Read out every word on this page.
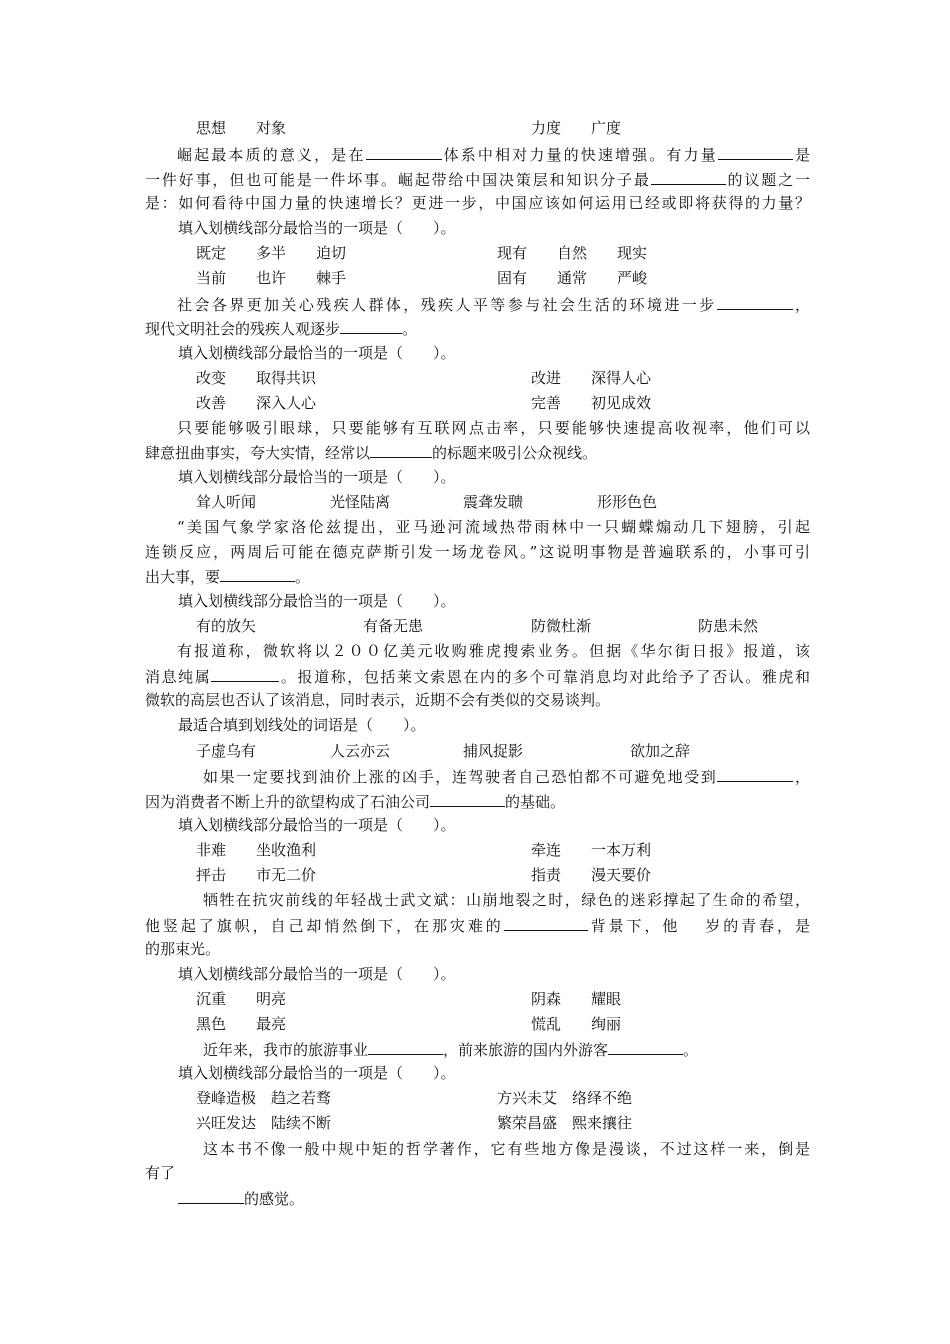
思想　　对象	力度　　广度
崛起最本质的意义，是在	体系中相对力量的快速增强。有力量	是
一件好事，但也可能是一件坏事。崛起带给中国决策层和知识分子最	的议题之一
是：如何看待中国力量的快速增长？更进一步，中国应该如何运用已经或即将获得的力量？
填入划横线部分最恰当的一项是（　　）。
既定　　多半　　迫切	现有　　自然　　现实
当前　　也许　　棘手	固有　　通常　　严峻
社会各界更加关心残疾人群体，残疾人平等参与社会生活的环境进一步	，
现代文明社会的残疾人观逐步	。
填入划横线部分最恰当的一项是（　　）。
改变　　取得共识	改进　　深得人心
改善　　深入人心	完善　　初见成效
只要能够吸引眼球，只要能够有互联网点击率，只要能够快速提高收视率，他们可以
肆意扭曲事实，夸大实情，经常以	的标题来吸引公众视线。
填入划横线部分最恰当的一项是（　　）。
耸人听闻	光怪陆离	震聋发聩	形形色色
“美国气象学家洛伦兹提出，亚马逊河流域热带雨林中一只蝴蝶煽动几下翅膀，引起
连锁反应，两周后可能在德克萨斯引发一场龙卷风。”这说明事物是普遍联系的，小事可引
出大事，要	。
填入划横线部分最恰当的一项是（　　）。
有的放矢	有备无患	防微杜渐	防患未然
有报道称，微软将以２００亿美元收购雅虎搜索业务。但据《华尔街日报》报道，该
消息纯属	。报道称，包括莱文索恩在内的多个可靠消息均对此给予了否认。雅虎和
微软的高层也否认了该消息，同时表示，近期不会有类似的交易谈判。
最适合填到划线处的词语是（　　）。
子虚乌有	人云亦云	捕风捉影	欲加之辞
如果一定要找到油价上涨的凶手，连驾驶者自己恐怕都不可避免地受到	，
因为消费者不断上升的欲望构成了石油公司	的基础。
填入划横线部分最恰当的一项是（　　）。
非难　　坐收渔利	牵连　　一本万利
抨击　　市无二价	指责　　漫天要价
牺牲在抗灾前线的年轻战士武文斌：山崩地裂之时，绿色的迷彩撑起了生命的希望，
他竖起了旗帜，自己却悄然倒下，在那灾难的	背景下，他 岁的青春，是
的那束光。
填入划横线部分最恰当的一项是（　　）。
沉重　　明亮	阴森　　耀眼
黑色　　最亮	慌乱　　绚丽
近年来，我市的旅游事业	，前来旅游的国内外游客	。
填入划横线部分最恰当的一项是（　　）。
登峰造极　趋之若骛	方兴未艾　络绎不绝
兴旺发达　陆续不断	繁荣昌盛　熙来攘往
这本书不像一般中规中矩的哲学著作，它有些地方像是漫谈，不过这样一来，倒是
有了
的感觉。
